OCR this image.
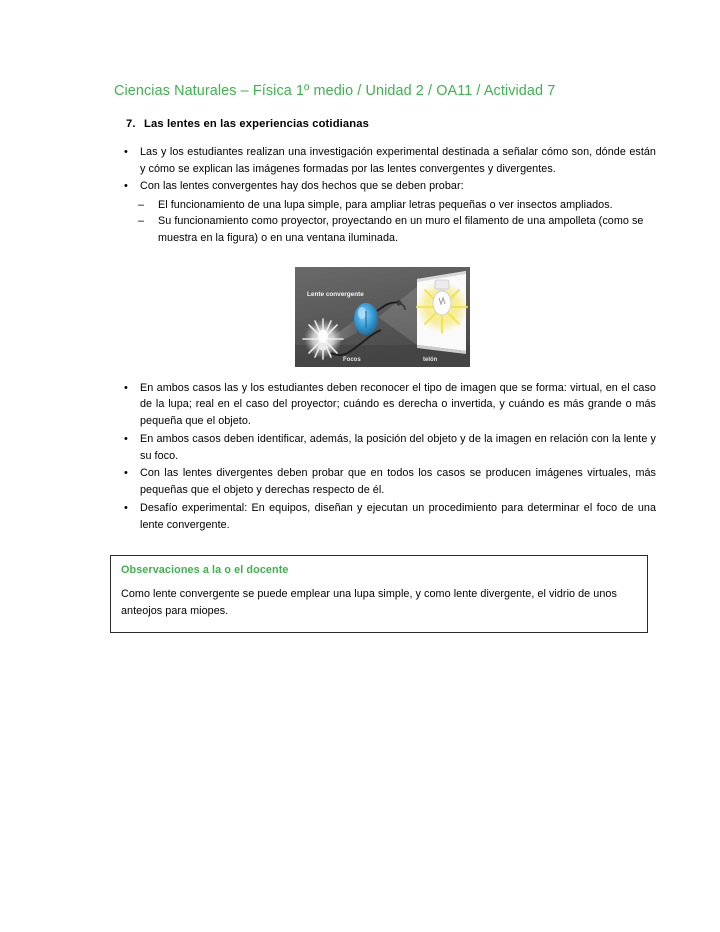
Ciencias Naturales – Física 1º medio / Unidad 2 / OA11 / Actividad 7
7. Las lentes en las experiencias cotidianas
•	Las y los estudiantes realizan una investigación experimental destinada a señalar cómo son, dónde están y cómo se explican las imágenes formadas por las lentes convergentes y divergentes.
•	Con las lentes convergentes hay dos hechos que se deben probar:
–	El funcionamiento de una lupa simple, para ampliar letras pequeñas o ver insectos ampliados.
–	Su funcionamiento como proyector, proyectando en un muro el filamento de una ampolleta (como se muestra en la figura) o en una ventana iluminada.
Lente convergente
Focos	telón
•	En ambos casos las y los estudiantes deben reconocer el tipo de imagen que se forma: virtual, en el caso de la lupa; real en el caso del proyector; cuándo es derecha o invertida, y cuándo es más grande o más pequeña que el objeto.
•	En ambos casos deben identificar, además, la posición del objeto y de la imagen en relación con la lente y su foco.
•	Con las lentes divergentes deben probar que en todos los casos se producen imágenes virtuales, más pequeñas que el objeto y derechas respecto de él.
•	Desafío experimental: En equipos, diseñan y ejecutan un procedimiento para determinar el foco de una lente convergente.
Observaciones a la o el docente
Como lente convergente se puede emplear una lupa simple, y como lente divergente, el vidrio de unos anteojos para miopes.
